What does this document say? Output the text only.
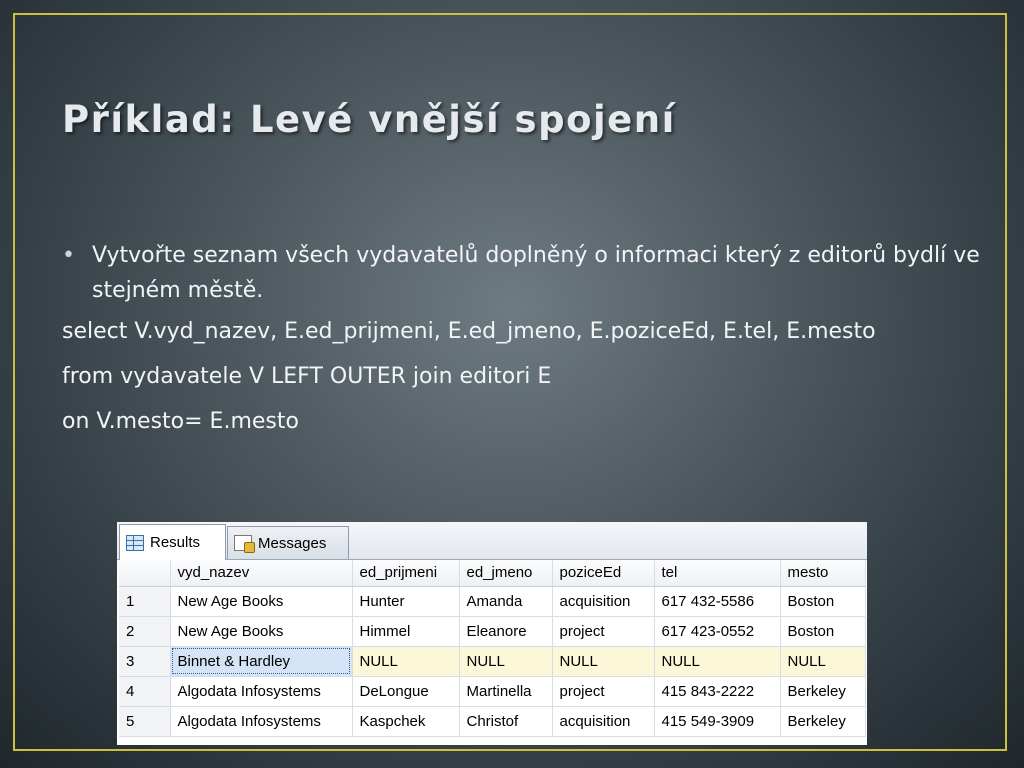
Příklad: Levé vnější spojení
• Vytvořte seznam všech vydavatelů doplněný o informaci který z editorů bydlí ve stejném městě.
select V.vyd_nazev, E.ed_prijmeni, E.ed_jmeno, E.poziceEd, E.tel, E.mesto
from vydavatele V LEFT OUTER join editori E
on V.mesto= E.mesto
Results	Messages
	vyd_nazev	ed_prijmeni	ed_jmeno	poziceEd	tel	mesto
1	New Age Books	Hunter	Amanda	acquisition	617 432-5586	Boston
2	New Age Books	Himmel	Eleanore	project	617 423-0552	Boston
3	Binnet & Hardley	NULL	NULL	NULL	NULL	NULL
4	Algodata Infosystems	DeLongue	Martinella	project	415 843-2222	Berkeley
5	Algodata Infosystems	Kaspchek	Christof	acquisition	415 549-3909	Berkeley
